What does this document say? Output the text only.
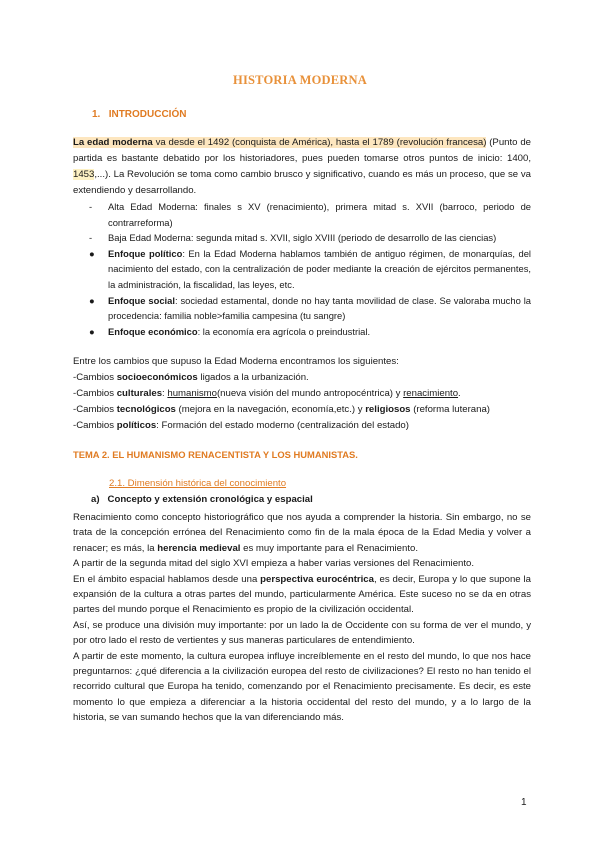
HISTORIA MODERNA
1. INTRODUCCIÓN
La edad moderna va desde el 1492 (conquista de América), hasta el 1789 (revolución francesa) (Punto de partida es bastante debatido por los historiadores, pues pueden tomarse otros puntos de inicio: 1400, 1453,...). La Revolución se toma como cambio brusco y significativo, cuando es más un proceso, que se va extendiendo y desarrollando.
- Alta Edad Moderna: finales s XV (renacimiento), primera mitad s. XVII (barroco, periodo de contrarreforma)
- Baja Edad Moderna: segunda mitad s. XVII, siglo XVIII (periodo de desarrollo de las ciencias)
● Enfoque político: En la Edad Moderna hablamos también de antiguo régimen, de monarquías, del nacimiento del estado, con la centralización de poder mediante la creación de ejércitos permanentes, la administración, la fiscalidad, las leyes, etc.
● Enfoque social: sociedad estamental, donde no hay tanta movilidad de clase. Se valoraba mucho la procedencia: familia noble>familia campesina (tu sangre)
● Enfoque económico: la economía era agrícola o preindustrial.
Entre los cambios que supuso la Edad Moderna encontramos los siguientes:
-Cambios socioeconómicos ligados a la urbanización.
-Cambios culturales: humanismo(nueva visión del mundo antropocéntrica) y renacimiento.
-Cambios tecnológicos (mejora en la navegación, economía,etc.) y religiosos (reforma luterana)
-Cambios políticos: Formación del estado moderno (centralización del estado)
TEMA 2. EL HUMANISMO RENACENTISTA Y LOS HUMANISTAS.
2.1. Dimensión histórica del conocimiento
a) Concepto y extensión cronológica y espacial
Renacimiento como concepto historiográfico que nos ayuda a comprender la historia. Sin embargo, no se trata de la concepción errónea del Renacimiento como fin de la mala época de la Edad Media y volver a renacer; es más, la herencia medieval es muy importante para el Renacimiento.
A partir de la segunda mitad del siglo XVI empieza a haber varias versiones del Renacimiento.
En el ámbito espacial hablamos desde una perspectiva eurocéntrica, es decir, Europa y lo que supone la expansión de la cultura a otras partes del mundo, particularmente América. Este suceso no se da en otras partes del mundo porque el Renacimiento es propio de la civilización occidental.
Así, se produce una división muy importante: por un lado la de Occidente con su forma de ver el mundo, y por otro lado el resto de vertientes y sus maneras particulares de entendimiento.
A partir de este momento, la cultura europea influye increíblemente en el resto del mundo, lo que nos hace preguntarnos: ¿qué diferencia a la civilización europea del resto de civilizaciones? El resto no han tenido el recorrido cultural que Europa ha tenido, comenzando por el Renacimiento precisamente. Es decir, es este momento lo que empieza a diferenciar a la historia occidental del resto del mundo, y a lo largo de la historia, se van sumando hechos que la van diferenciando más.
1
